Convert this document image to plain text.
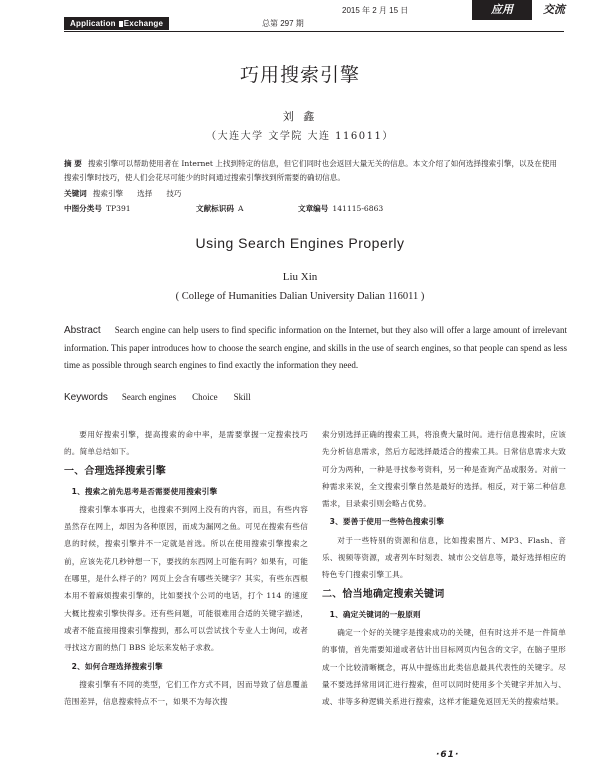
Application Exchange	总第 297 期
2015 年 2 月 15 日	应用	交流
巧用搜索引擎
刘 鑫
（大连大学 文学院 大连 116011）
摘 要 搜索引擎可以帮助使用者在 Internet 上找到特定的信息，但它们同时也会返回大量无关的信息。本文介绍了如何选择搜索引擎，以及在使用搜索引擎时技巧，使人们会花尽可能少的时间通过搜索引擎找到所需要的确切信息。
关键词 搜索引擎 选择 技巧
中图分类号 TP391	文献标识码 A	文章编号 141115-6863
Using Search Engines Properly
Liu Xin
( College of Humanities Dalian University Dalian 116011 )
Abstract Search engine can help users to find specific information on the Internet, but they also will offer a large amount of irrelevant information. This paper introduces how to choose the search engine, and skills in the use of search engines, so that people can spend as less time as possible through search engines to find exactly the information they need.
Keywords Search engines Choice Skill

要用好搜索引擎，提高搜索的命中率，是需要掌握一定搜索技巧的。简单总结如下。

一、合理选择搜索引擎
1、搜索之前先思考是否需要使用搜索引擎

搜索引擎本事再大，也搜索不到网上没有的内容，而且，有些内容虽然存在网上，却因为各种原因，而成为漏网之鱼。可见在搜索有些信息的时候，搜索引擎并不一定就是首选。所以在使用搜索引擎搜索之前，应该先花几秒钟想一下，要找的东西网上可能有吗？如果有，可能在哪里，是什么样子的？网页上会含有哪些关键字？其实，有些东西根本用不着麻烦搜索引擎的，比如要找个公司的电话，打个 114 的速度大概比搜索引擎快得多。还有些问题，可能很难用合适的关键字描述，或者不能直接用搜索引擎搜到，那么可以尝试找个专业人士询问，或者寻找这方面的热门 BBS 论坛来发帖子求救。

2、如何合理选择搜索引擎

搜索引擎有不同的类型，它们工作方式不同，因而导致了信息覆盖范围差异，信息搜索特点不一，如果不为每次搜

索分别选择正确的搜索工具，将浪费大量时间。进行信息搜索时，应该先分析信息需求，然后方起选择最适合的搜索工具。日常信息需求大致可分为两种，一种是寻找参考资料，另一种是查询产品或服务。对前一种需求来说，全文搜索引擎自然是最好的选择。相反，对于第二种信息需求，目录索引则会略占优势。

3、要善于使用一些特色搜索引擎

对于一些特别的资源和信息，比如搜索图片、MP3、Flash、音乐、视频等资源，或者列车时刻表、城市公交信息等，最好选择相应的特色专门搜索引擎工具。

二、恰当地确定搜索关键词
1、确定关键词的一般原则

确定一个好的关键字是搜索成功的关键，但有时这并不是一件简单的事情，首先需要知道或者估计出目标网页内包含的文字，在脑子里形成一个比较清晰概念，再从中提炼出此类信息最具代表性的关键字。尽量不要选择常用词汇进行搜索，但可以同时使用多个关键字并加入与、或、非等多种逻辑关系进行搜索，这样才能避免返回无关的搜索结果。

·61·
